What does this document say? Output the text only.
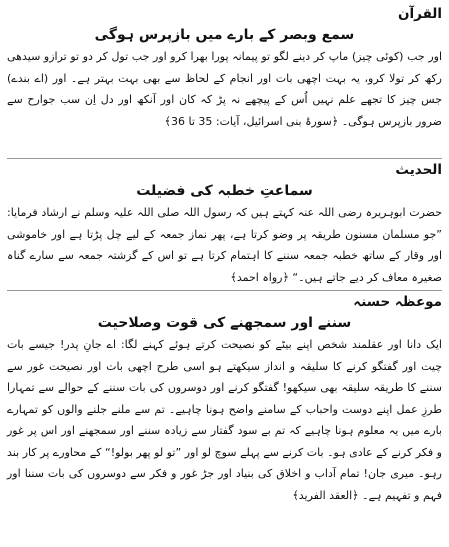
القرآن
سمع وبصر کے بارے میں بازپرس ہوگی

اور جب (کوئی چیز) ماپ کر دینے لگو تو پیمانہ پورا بھرا کرو اور جب تول کر دو تو ترازو سیدھی رکھ کر تولا کرو، یہ بہت اچھی بات اور انجام کے لحاظ سے بھی بہت بہتر ہے۔ اور (اے بندے) جس چیز کا تجھے علم نہیں اُس کے پیچھے نہ پڑ کہ کان اور آنکھ اور دل اِن سب جوارح سے ضرور بازپرس ہوگی۔ ﴿سورۂ بنی اسرائیل، آیات: 35 تا 36﴾

الحدیث
سماعتِ خطبہ کی فضیلت

حضرت ابوہریرہ رضی اللہ عنہ کہتے ہیں کہ رسول اللہ صلی اللہ علیہ وسلم نے ارشاد فرمایا: ”جو مسلمان مسنون طریقہ پر وضو کرتا ہے، پھر نماز جمعہ کے لیے چل پڑتا ہے اور خاموشی اور وقار کے ساتھ خطبہ جمعہ سننے کا اہتمام کرتا ہے تو اس کے گزشتہ جمعہ سے سارے گناہ صغیرہ معاف کر دیے جاتے ہیں۔“ ﴿رواہ احمد﴾

موعظہ حسنہ
سننے اور سمجھنے کی قوت وصلاحیت

ایک دانا اور عقلمند شخص اپنے بیٹے کو نصیحت کرتے ہوئے کہنے لگا: اے جانِ پدر! جیسے بات چیت اور گفتگو کرنے کا سلیقہ و انداز سیکھتے ہو اسی طرح اچھی بات اور نصیحت غور سے سننے کا طریقہ سلیقہ بھی سیکھو! گفتگو کرنے اور دوسروں کی بات سننے کے حوالے سے تمہارا طرزِ عمل اپنے دوست واحباب کے سامنے واضح ہونا چاہیے۔ تم سے ملنے جلنے والوں کو تمہارے بارے میں یہ معلوم ہونا چاہیے کہ تم بے سود گفتار سے زیادہ سننے اور سمجھنے اور اس پر غور و فکر کرنے کے عادی ہو۔ بات کرنے سے پہلے سوچ لو اور ”تو لو پھر بولو!“ کے محاورے پر کار بند رہو۔ میری جان! تمام آداب و اخلاق کی بنیاد اور جڑ غور و فکر سے دوسروں کی بات سننا اور فہم و تفہیم ہے۔ ﴿العقد الفرید﴾
